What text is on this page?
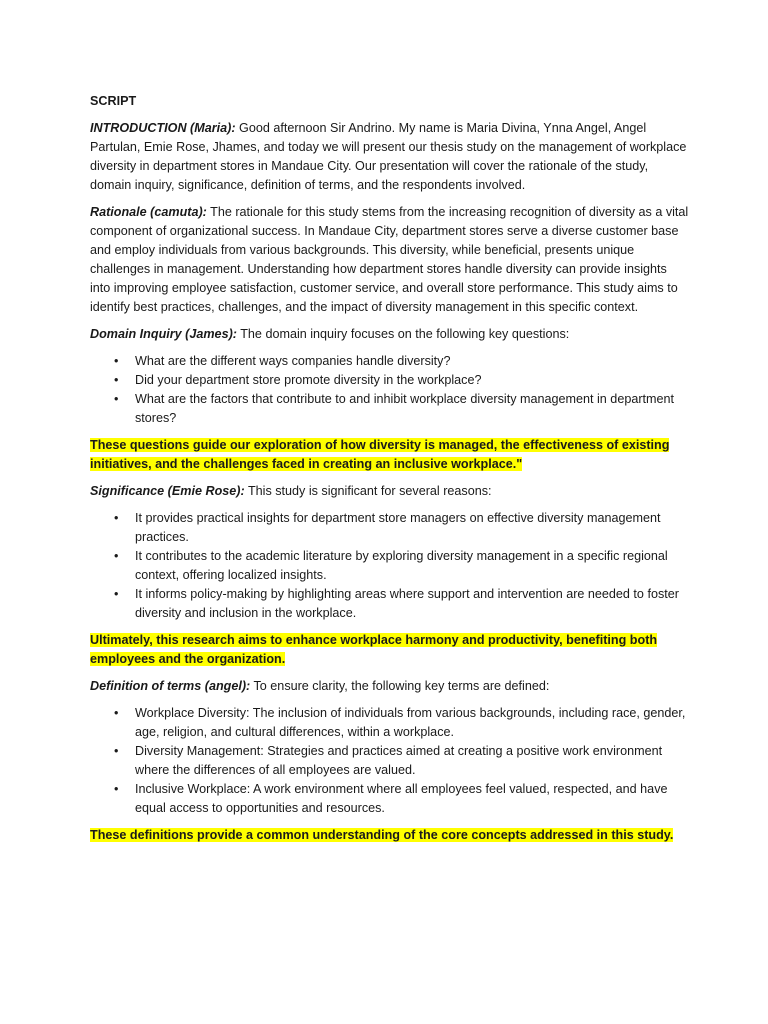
SCRIPT

INTRODUCTION (Maria): Good afternoon Sir Andrino. My name is Maria Divina, Ynna Angel, Angel Partulan, Emie Rose, Jhames, and today we will present our thesis study on the management of workplace diversity in department stores in Mandaue City. Our presentation will cover the rationale of the study, domain inquiry, significance, definition of terms, and the respondents involved.

Rationale (camuta): The rationale for this study stems from the increasing recognition of diversity as a vital component of organizational success. In Mandaue City, department stores serve a diverse customer base and employ individuals from various backgrounds. This diversity, while beneficial, presents unique challenges in management. Understanding how department stores handle diversity can provide insights into improving employee satisfaction, customer service, and overall store performance. This study aims to identify best practices, challenges, and the impact of diversity management in this specific context.

Domain Inquiry (James): The domain inquiry focuses on the following key questions:

• What are the different ways companies handle diversity?
• Did your department store promote diversity in the workplace?
• What are the factors that contribute to and inhibit workplace diversity management in department stores?

These questions guide our exploration of how diversity is managed, the effectiveness of existing initiatives, and the challenges faced in creating an inclusive workplace."

Significance (Emie Rose): This study is significant for several reasons:

• It provides practical insights for department store managers on effective diversity management practices.
• It contributes to the academic literature by exploring diversity management in a specific regional context, offering localized insights.
• It informs policy-making by highlighting areas where support and intervention are needed to foster diversity and inclusion in the workplace.

Ultimately, this research aims to enhance workplace harmony and productivity, benefiting both employees and the organization.

Definition of terms (angel): To ensure clarity, the following key terms are defined:

• Workplace Diversity: The inclusion of individuals from various backgrounds, including race, gender, age, religion, and cultural differences, within a workplace.
• Diversity Management: Strategies and practices aimed at creating a positive work environment where the differences of all employees are valued.
• Inclusive Workplace: A work environment where all employees feel valued, respected, and have equal access to opportunities and resources.

These definitions provide a common understanding of the core concepts addressed in this study.
